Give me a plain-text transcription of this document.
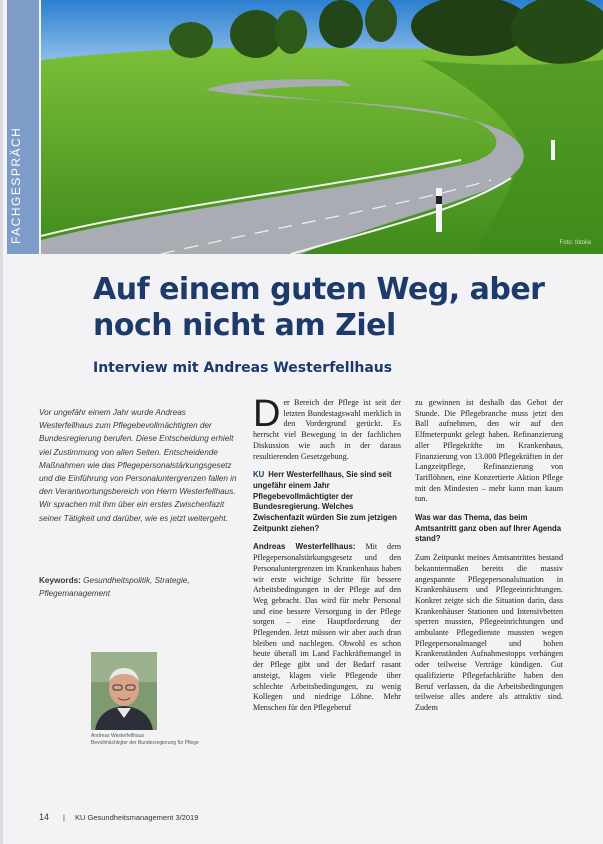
FACHGESPRÄCH	Foto: fotolia
Auf einem guten Weg, aber noch nicht am Ziel
Interview mit Andreas Westerfellhaus

Vor ungefähr einem Jahr wurde Andreas Westerfellhaus zum Pflegebevollmächtigten der Bundesregierung berufen. Diese Entscheidung erhielt viel Zustimmung von allen Seiten. Entscheidende Maßnahmen wie das Pflegepersonalstärkungsgesetz und die Einführung von Personaluntergrenzen fallen in den Verantwortungsbereich von Herrn Westerfellhaus. Wir sprachen mit ihm über ein erstes Zwischenfazit seiner Tätigkeit und darüber, wie es jetzt weitergeht.

Keywords: Gesundheitspolitik, Strategie, Pflegemanagement

Andreas Westerfellhaus
Bevollmächtigter der Bundesregierung für Pflege

Der Bereich der Pflege ist seit der letzten Bundestagswahl merklich in den Vordergrund gerückt. Es herrscht viel Bewegung in der fachlichen Diskussion wie auch in der daraus resultierenden Gesetzgebung.

KU Herr Westerfellhaus, Sie sind seit ungefähr einem Jahr Pflegebevollmächtigter der Bundesregierung. Welches Zwischenfazit würden Sie zum jetzigen Zeitpunkt ziehen?

Andreas Westerfellhaus: Mit dem Pflegepersonalstärkungsgesetz und den Personaluntergrenzen im Krankenhaus haben wir erste wichtige Schritte für bessere Arbeitsbedingungen in der Pflege auf den Weg gebracht. Das wird für mehr Personal und eine bessere Versorgung in der Pflege sorgen – eine Hauptforderung der Pflegenden. Jetzt müssen wir aber auch dran bleiben und nachlegen. Obwohl es schon heute überall im Land Fachkräftemangel in der Pflege gibt und der Bedarf rasant ansteigt, klagen viele Pflegende über schlechte Arbeitsbedingungen, zu wenig Kollegen und niedrige Löhne. Mehr Menschen für den Pflegeberuf

zu gewinnen ist deshalb das Gebot der Stunde. Die Pflegebranche muss jetzt den Ball aufnehmen, den wir auf den Elfmeterpunkt gelegt haben. Refinanzierung aller Pflegekräfte im Krankenhaus, Finanzierung von 13.000 Pflegekräften in der Langzeitpflege, Refinanzierung von Tariflöhnen, eine Konzertierte Aktion Pflege mit den Mindesten – mehr kann man kaum tun.

Was war das Thema, das beim Amtsantritt ganz oben auf Ihrer Agenda stand?

Zum Zeitpunkt meines Amtsantrittes bestand bekanntermaßen bereits die massiv angespannte Pflegepersonalsituation in Krankenhäusern und Pflegeeinrichtungen. Konkret zeigte sich die Situation darin, dass Krankenhäuser Stationen und Intensivbetten sperren mussten, Pflegeeinrichtungen und ambulante Pflegedienste mussten wegen Pflegepersonalmangel und hohen Krankenständen Aufnahmestopps verhängen oder teilweise Verträge kündigen. Gut qualifizierte Pflegefachkräfte haben den Beruf verlassen, da die Arbeitsbedingungen teilweise alles andere als attraktiv sind. Zudem

14 | KU Gesundheitsmanagement 3/2019
